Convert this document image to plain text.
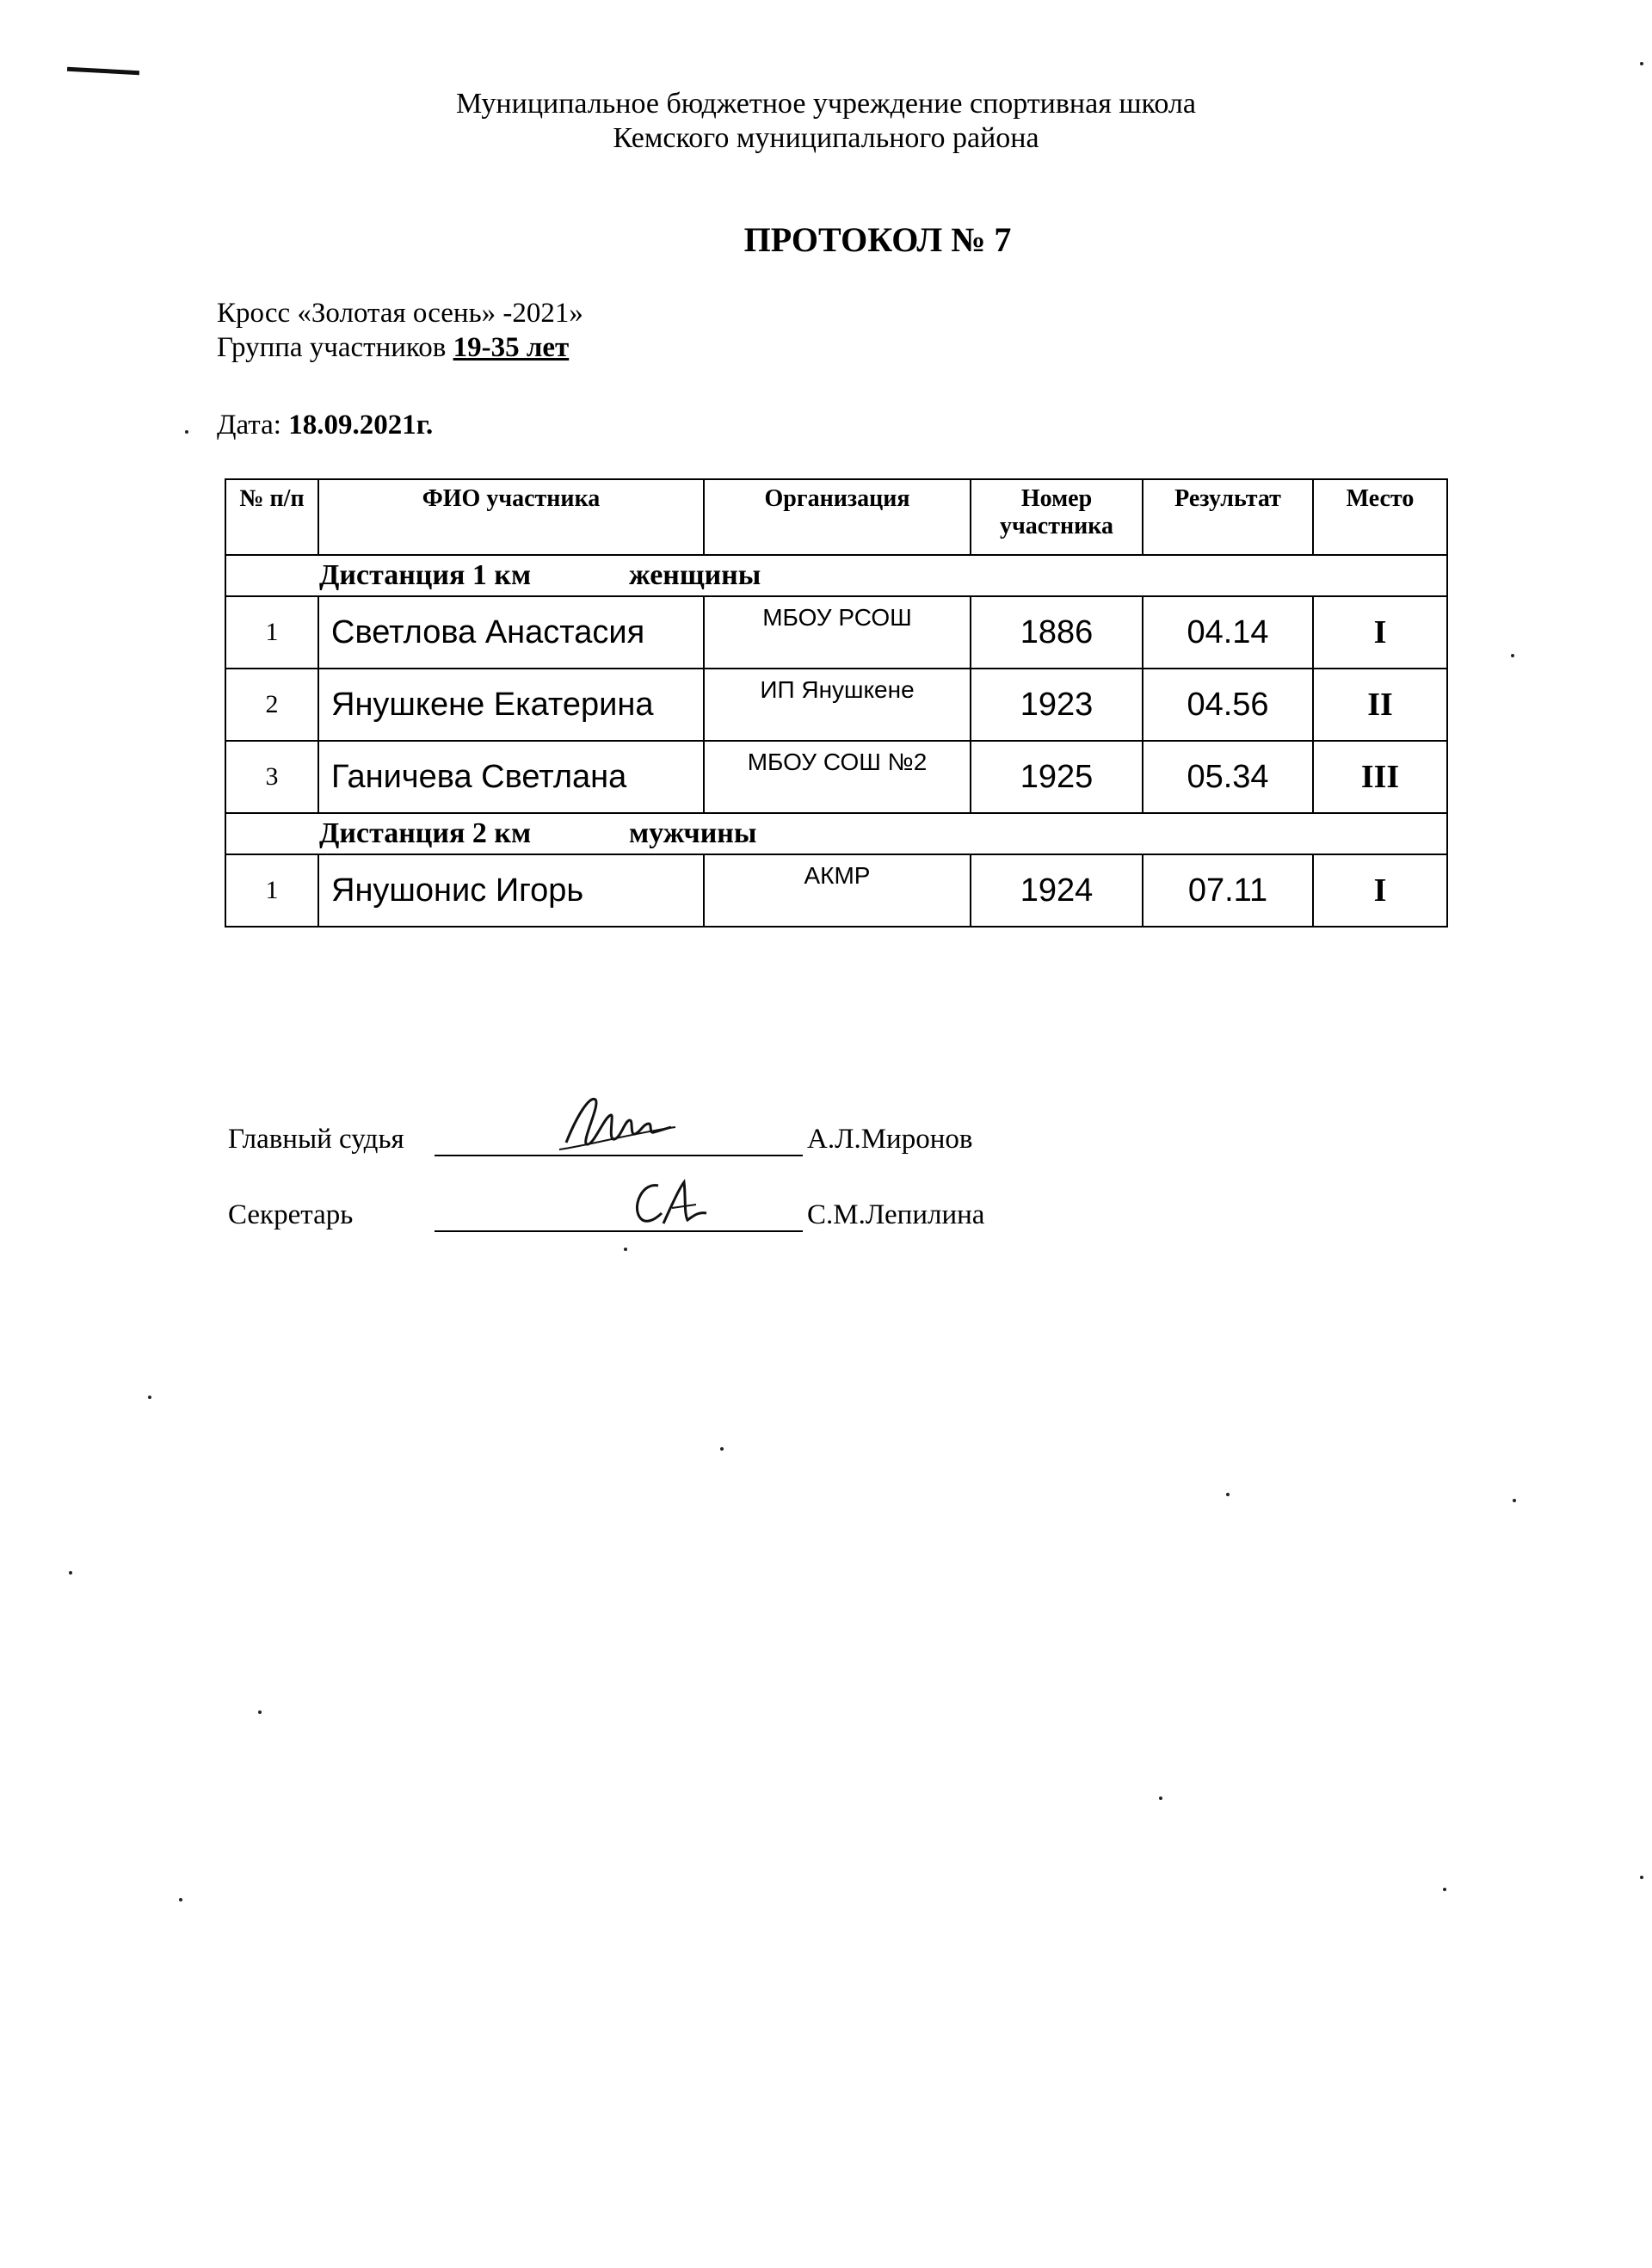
Муниципальное бюджетное учреждение спортивная школа
Кемского муниципального района
ПРОТОКОЛ № 7
Кросс «Золотая осень» -2021»
Группа участников 19-35 лет
Дата: 18.09.2021г.
№ п/п	ФИО участника	Организация	Номер участника	Результат	Место
Дистанция 1 км женщины					
1	Светлова Анастасия	МБОУ РСОШ	1886	04.14	I
2	Янушкене Екатерина	ИП Янушкене	1923	04.56	II
3	Ганичева Светлана	МБОУ СОШ №2	1925	05.34	III
Дистанция 2 км мужчины					
1	Янушонис Игорь	АКМР	1924	07.11	I
Главный судья	А.Л.Миронов
Секретарь	С.М.Лепилина
